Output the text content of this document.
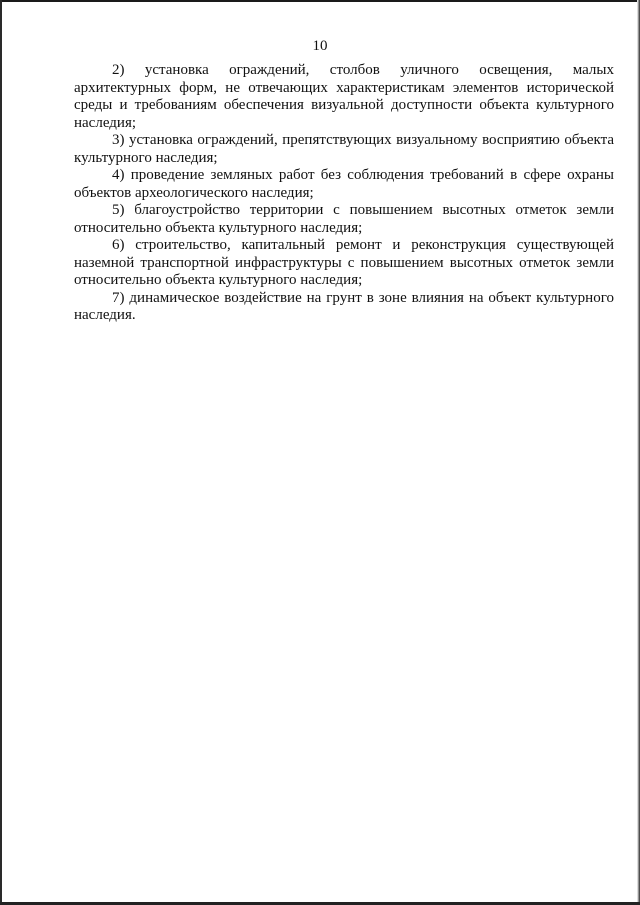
10

2) установка ограждений, столбов уличного освещения, малых архитектурных форм, не отвечающих характеристикам элементов исторической среды и требованиям обеспечения визуальной доступности объекта культурного наследия;

3) установка ограждений, препятствующих визуальному восприятию объекта культурного наследия;

4) проведение земляных работ без соблюдения требований в сфере охраны объектов археологического наследия;

5) благоустройство территории с повышением высотных отметок земли относительно объекта культурного наследия;

6) строительство, капитальный ремонт и реконструкция существующей наземной транспортной инфраструктуры с повышением высотных отметок земли относительно объекта культурного наследия;

7) динамическое воздействие на грунт в зоне влияния на объект культурного наследия.
